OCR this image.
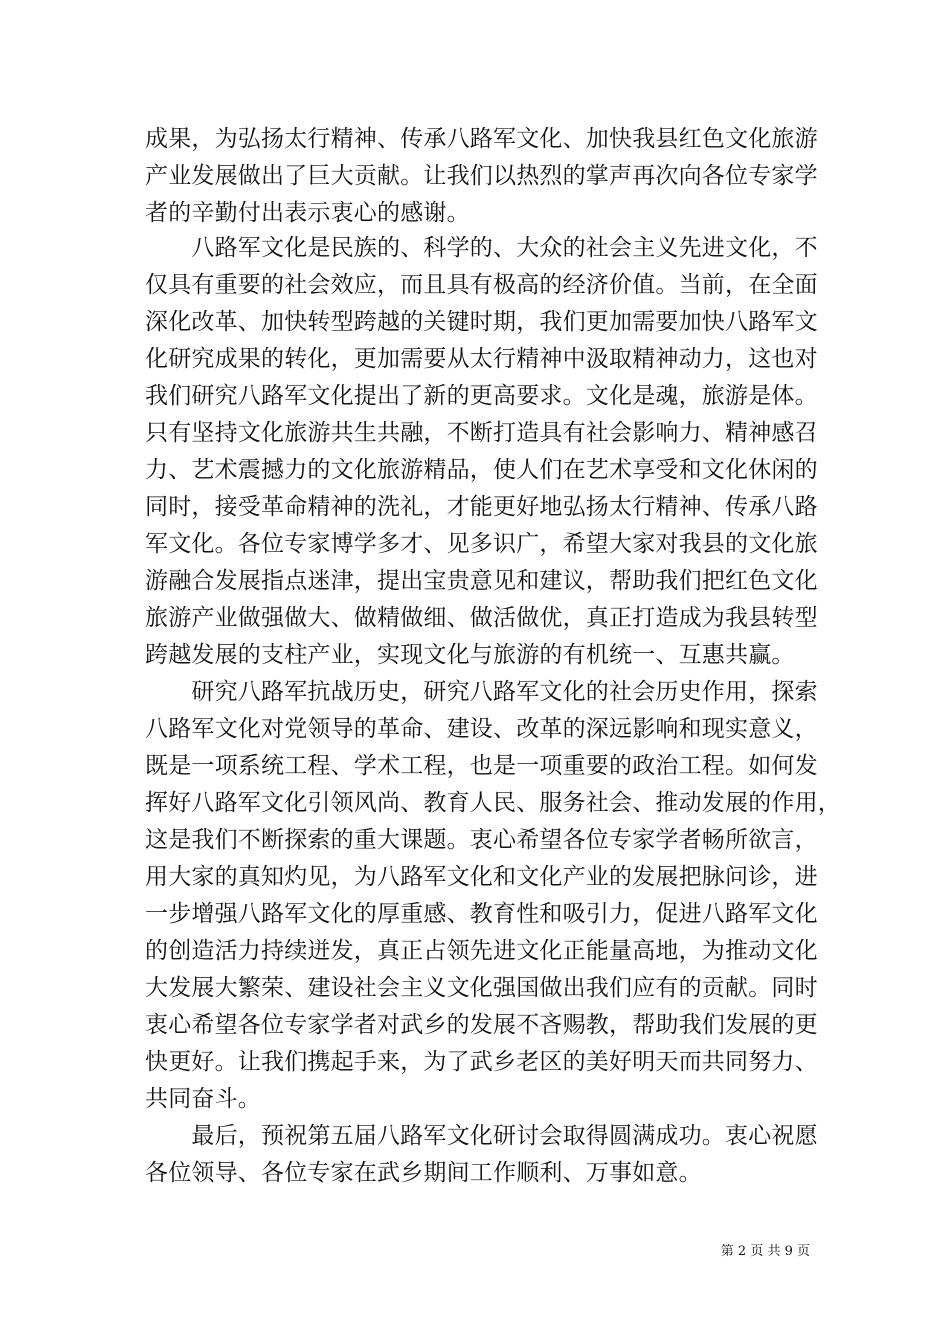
成果，为弘扬太行精神、传承八路军文化、加快我县红色文化旅游
产业发展做出了巨大贡献。让我们以热烈的掌声再次向各位专家学
者的辛勤付出表示衷心的感谢。
　　八路军文化是民族的、科学的、大众的社会主义先进文化，不
仅具有重要的社会效应，而且具有极高的经济价值。当前，在全面
深化改革、加快转型跨越的关键时期，我们更加需要加快八路军文
化研究成果的转化，更加需要从太行精神中汲取精神动力，这也对
我们研究八路军文化提出了新的更高要求。文化是魂，旅游是体。
只有坚持文化旅游共生共融，不断打造具有社会影响力、精神感召
力、艺术震撼力的文化旅游精品，使人们在艺术享受和文化休闲的
同时，接受革命精神的洗礼，才能更好地弘扬太行精神、传承八路
军文化。各位专家博学多才、见多识广，希望大家对我县的文化旅
游融合发展指点迷津，提出宝贵意见和建议，帮助我们把红色文化
旅游产业做强做大、做精做细、做活做优，真正打造成为我县转型
跨越发展的支柱产业，实现文化与旅游的有机统一、互惠共赢。
　　研究八路军抗战历史，研究八路军文化的社会历史作用，探索
八路军文化对党领导的革命、建设、改革的深远影响和现实意义，
既是一项系统工程、学术工程，也是一项重要的政治工程。如何发
挥好八路军文化引领风尚、教育人民、服务社会、推动发展的作用，
这是我们不断探索的重大课题。衷心希望各位专家学者畅所欲言，
用大家的真知灼见，为八路军文化和文化产业的发展把脉问诊，进
一步增强八路军文化的厚重感、教育性和吸引力，促进八路军文化
的创造活力持续迸发，真正占领先进文化正能量高地，为推动文化
大发展大繁荣、建设社会主义文化强国做出我们应有的贡献。同时
衷心希望各位专家学者对武乡的发展不吝赐教，帮助我们发展的更
快更好。让我们携起手来，为了武乡老区的美好明天而共同努力、
共同奋斗。
　　最后，预祝第五届八路军文化研讨会取得圆满成功。衷心祝愿
各位领导、各位专家在武乡期间工作顺利、万事如意。
第 2 页 共 9 页
